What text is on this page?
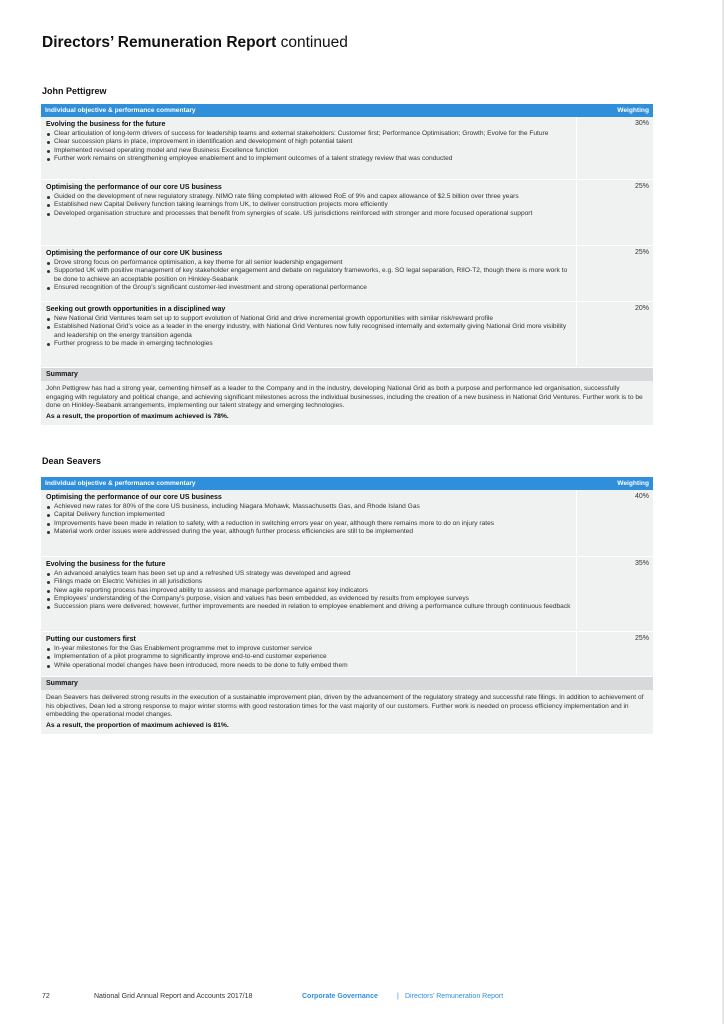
Directors’ Remuneration Report continued
John Pettigrew
Individual objective & performance commentary	Weighting
Evolving the business for the future
Clear articulation of long-term drivers of success for leadership teams and external stakeholders: Customer first; Performance Optimisation; Growth; Evolve for the Future
Clear succession plans in place, improvement in identification and development of high potential talent
Implemented revised operating model and new Business Excellence function
Further work remains on strengthening employee enablement and to implement outcomes of a talent strategy review that was conducted
30%
Optimising the performance of our core US business
Guided on the development of new regulatory strategy. NIMO rate filing completed with allowed RoE of 9% and capex allowance of $2.5 billion over three years
Established new Capital Delivery function taking learnings from UK, to deliver construction projects more efficiently
Developed organisation structure and processes that benefit from synergies of scale. US jurisdictions reinforced with stronger and more focused operational support
25%
Optimising the performance of our core UK business
Drove strong focus on performance optimisation, a key theme for all senior leadership engagement
Supported UK with positive management of key stakeholder engagement and debate on regulatory frameworks, e.g. SO legal separation, RIIO-T2, though there is more work to be done to achieve an acceptable position on Hinkley-Seabank
Ensured recognition of the Group’s significant customer-led investment and strong operational performance
25%
Seeking out growth opportunities in a disciplined way
New National Grid Ventures team set up to support evolution of National Grid and drive incremental growth opportunities with similar risk/reward profile
Established National Grid’s voice as a leader in the energy industry, with National Grid Ventures now fully recognised internally and externally giving National Grid more visibility and leadership on the energy transition agenda
Further progress to be made in emerging technologies
20%
Summary

John Pettigrew has had a strong year, cementing himself as a leader to the Company and in the industry, developing National Grid as both a purpose and performance led organisation, successfully engaging with regulatory and political change, and achieving significant milestones across the individual businesses, including the creation of a new business in National Grid Ventures. Further work is to be done on Hinkley-Seabank arrangements, implementing our talent strategy and emerging technologies.

As a result, the proportion of maximum achieved is 78%.

Dean Seavers
Individual objective & performance commentary	Weighting
Optimising the performance of our core US business
Achieved new rates for 80% of the core US business, including Niagara Mohawk, Massachusetts Gas, and Rhode Island Gas
Capital Delivery function implemented
Improvements have been made in relation to safety, with a reduction in switching errors year on year, although there remains more to do on injury rates
Material work order issues were addressed during the year, although further process efficiencies are still to be implemented
40%
Evolving the business for the future
An advanced analytics team has been set up and a refreshed US strategy was developed and agreed
Filings made on Electric Vehicles in all jurisdictions
New agile reporting process has improved ability to assess and manage performance against key indicators
Employees’ understanding of the Company’s purpose, vision and values has been embedded, as evidenced by results from employee surveys
Succession plans were delivered; however, further improvements are needed in relation to employee enablement and driving a performance culture through continuous feedback
35%
Putting our customers first
In-year milestones for the Gas Enablement programme met to improve customer service
Implementation of a pilot programme to significantly improve end-to-end customer experience
While operational model changes have been introduced, more needs to be done to fully embed them
25%
Summary

Dean Seavers has delivered strong results in the execution of a sustainable improvement plan, driven by the advancement of the regulatory strategy and successful rate filings. In addition to achievement of his objectives, Dean led a strong response to major winter storms with good restoration times for the vast majority of our customers. Further work is needed on process efficiency implementation and in embedding the operational model changes.

As a result, the proportion of maximum achieved is 81%.

72	National Grid Annual Report and Accounts 2017/18	Corporate Governance	| Directors’ Remuneration Report
